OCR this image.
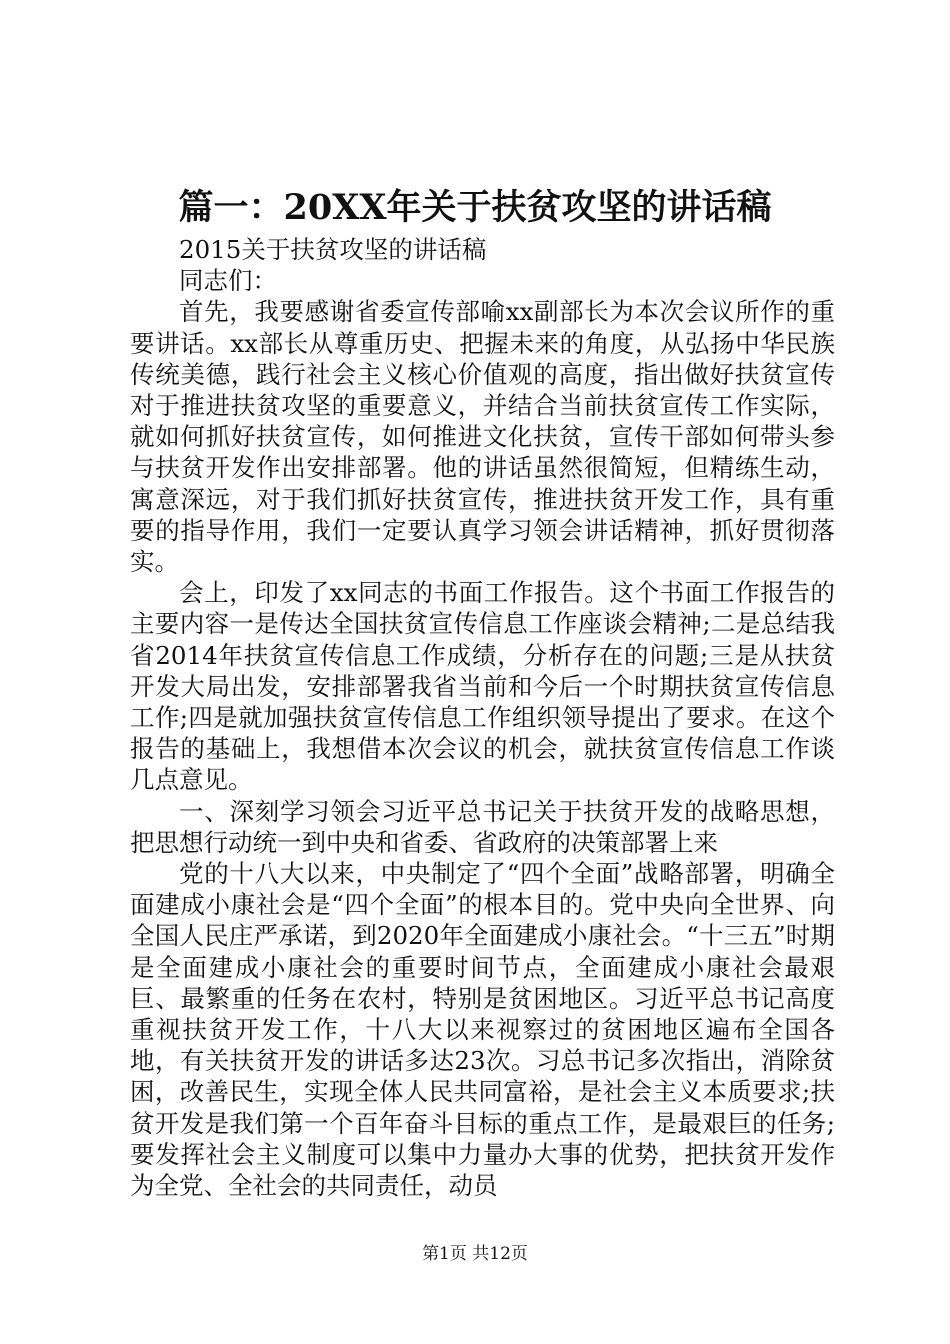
篇一：20XX年关于扶贫攻坚的讲话稿

2015关于扶贫攻坚的讲话稿

同志们：

首先，我要感谢省委宣传部喻xx副部长为本次会议所作的重要讲话。xx部长从尊重历史、把握未来的角度，从弘扬中华民族传统美德，践行社会主义核心价值观的高度，指出做好扶贫宣传对于推进扶贫攻坚的重要意义，并结合当前扶贫宣传工作实际，就如何抓好扶贫宣传，如何推进文化扶贫，宣传干部如何带头参与扶贫开发作出安排部署。他的讲话虽然很简短，但精练生动，寓意深远，对于我们抓好扶贫宣传，推进扶贫开发工作，具有重要的指导作用，我们一定要认真学习领会讲话精神，抓好贯彻落实。

会上，印发了xx同志的书面工作报告。这个书面工作报告的主要内容一是传达全国扶贫宣传信息工作座谈会精神;二是总结我省2014年扶贫宣传信息工作成绩，分析存在的问题;三是从扶贫开发大局出发，安排部署我省当前和今后一个时期扶贫宣传信息工作;四是就加强扶贫宣传信息工作组织领导提出了要求。在这个报告的基础上，我想借本次会议的机会，就扶贫宣传信息工作谈几点意见。

一、深刻学习领会习近平总书记关于扶贫开发的战略思想，把思想行动统一到中央和省委、省政府的决策部署上来

党的十八大以来，中央制定了“四个全面”战略部署，明确全面建成小康社会是“四个全面”的根本目的。党中央向全世界、向全国人民庄严承诺，到2020年全面建成小康社会。“十三五”时期是全面建成小康社会的重要时间节点，全面建成小康社会最艰巨、最繁重的任务在农村，特别是贫困地区。习近平总书记高度重视扶贫开发工作，十八大以来视察过的贫困地区遍布全国各地，有关扶贫开发的讲话多达23次。习总书记多次指出，消除贫困，改善民生，实现全体人民共同富裕，是社会主义本质要求;扶贫开发是我们第一个百年奋斗目标的重点工作，是最艰巨的任务;要发挥社会主义制度可以集中力量办大事的优势，把扶贫开发作为全党、全社会的共同责任，动员

第1页 共12页
